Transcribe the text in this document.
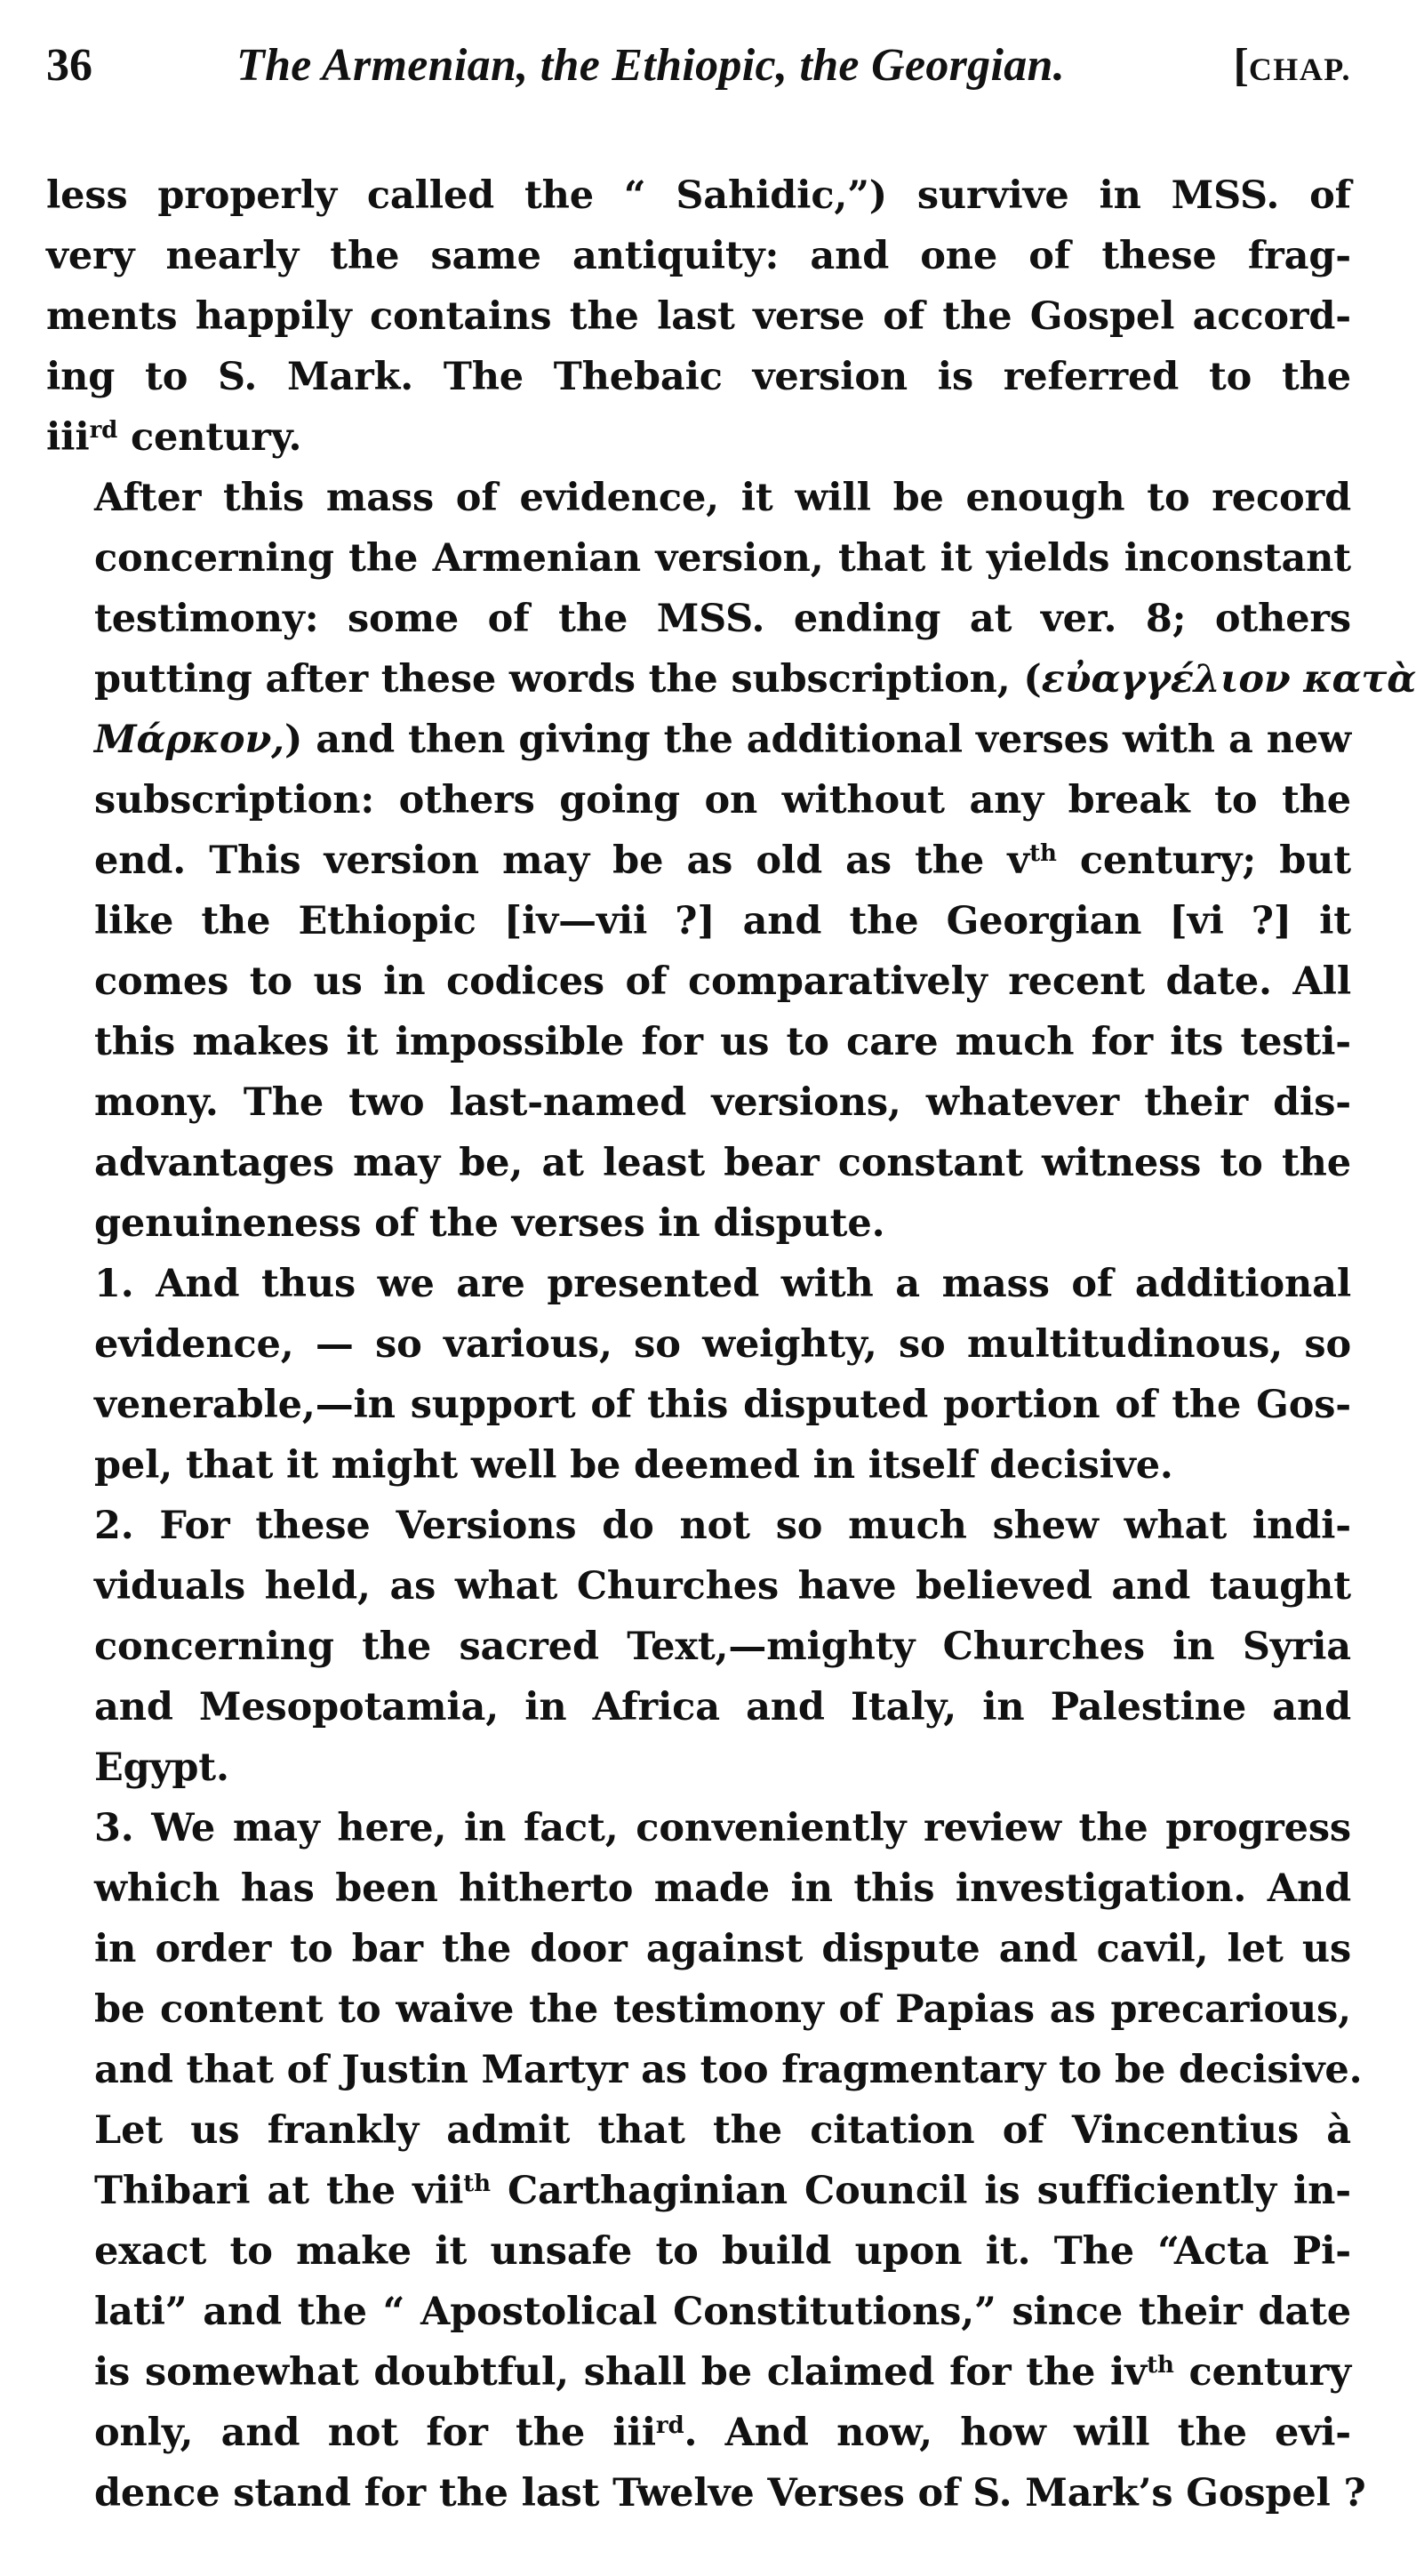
36	The Armenian, the Ethiopic, the Georgian.	[CHAP.

less properly called the “ Sahidic,”) survive in MSS. of
very nearly the same antiquity: and one of these frag-
ments happily contains the last verse of the Gospel accord-
ing to S. Mark. The Thebaic version is referred to the
iii$^{rd}$ century.

After this mass of evidence, it will be enough to record
concerning the Armenian version, that it yields inconstant
testimony: some of the MSS. ending at ver. 8; others
putting after these words the subscription, (εὐαγγέλιον κατὰ
Μάρκον,) and then giving the additional verses with a new
subscription: others going on without any break to the
end. This version may be as old as the $v^{th}$ century; but
like the Ethiopic [iv—vii ?] and the Georgian [vi ?] it
comes to us in codices of comparatively recent date. All
this makes it impossible for us to care much for its testi-
mony. The two last-named versions, whatever their dis-
advantages may be, at least bear constant witness to the
genuineness of the verses in dispute.

1. And thus we are presented with a mass of additional
evidence, — so various, so weighty, so multitudinous, so
venerable,—in support of this disputed portion of the Gos-
pel, that it might well be deemed in itself decisive.

2. For these Versions do not so much shew what indi-
viduals held, as what Churches have believed and taught
concerning the sacred Text,—mighty Churches in Syria
and Mesopotamia, in Africa and Italy, in Palestine and
Egypt.

3. We may here, in fact, conveniently review the progress
which has been hitherto made in this investigation. And
in order to bar the door against dispute and cavil, let us
be content to waive the testimony of Papias as precarious,
and that of Justin Martyr as too fragmentary to be decisive.
Let us frankly admit that the citation of Vincentius à
Thibari at the vii$^{th}$ Carthaginian Council is sufficiently in-
exact to make it unsafe to build upon it. The “Acta Pi-
lati” and the “ Apostolical Constitutions,” since their date
is somewhat doubtful, shall be claimed for the $iv^{th}$ century
only, and not for the iii$^{rd}$. And now, how will the evi-
dence stand for the last Twelve Verses of S. Mark’s Gospel ?
